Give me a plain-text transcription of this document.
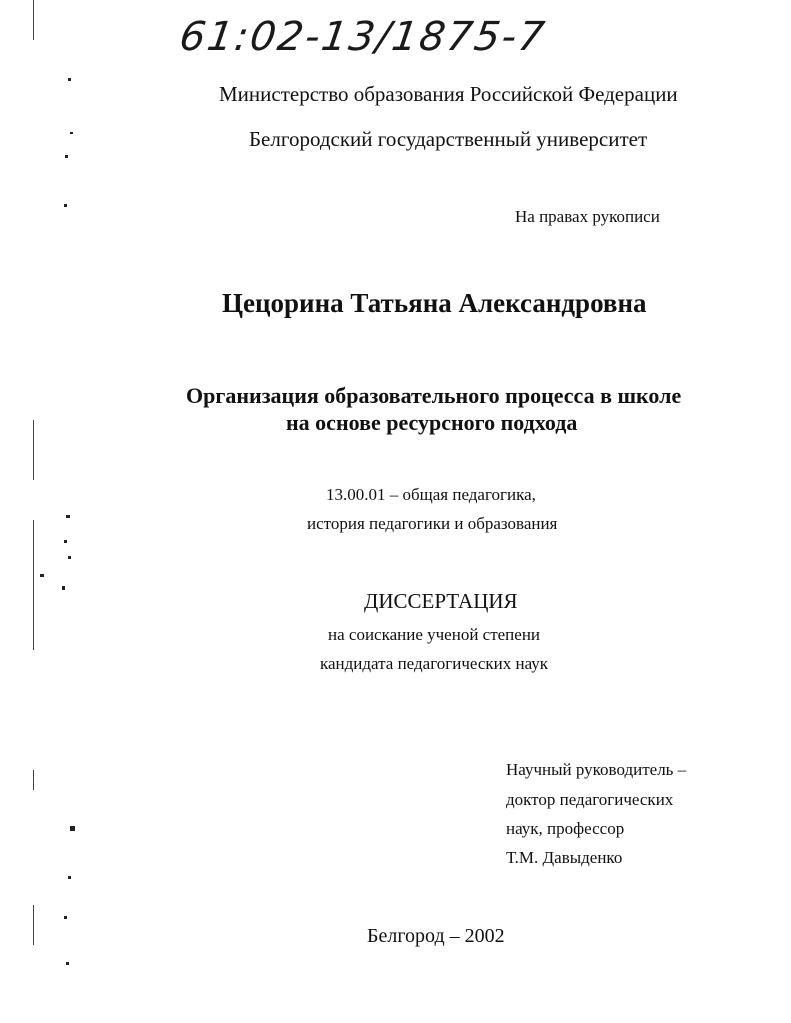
61:02-13/1875-7
Министерство образования Российской Федерации
Белгородский государственный университет
На правах рукописи
Цецорина Татьяна Александровна
Организация образовательного процесса в школе
на основе ресурсного подхода
13.00.01 – общая педагогика,
история педагогики и образования
ДИССЕРТАЦИЯ
на соискание ученой степени
кандидата педагогических наук
Научный руководитель –
доктор педагогических
наук, профессор
Т.М. Давыденко
Белгород – 2002
